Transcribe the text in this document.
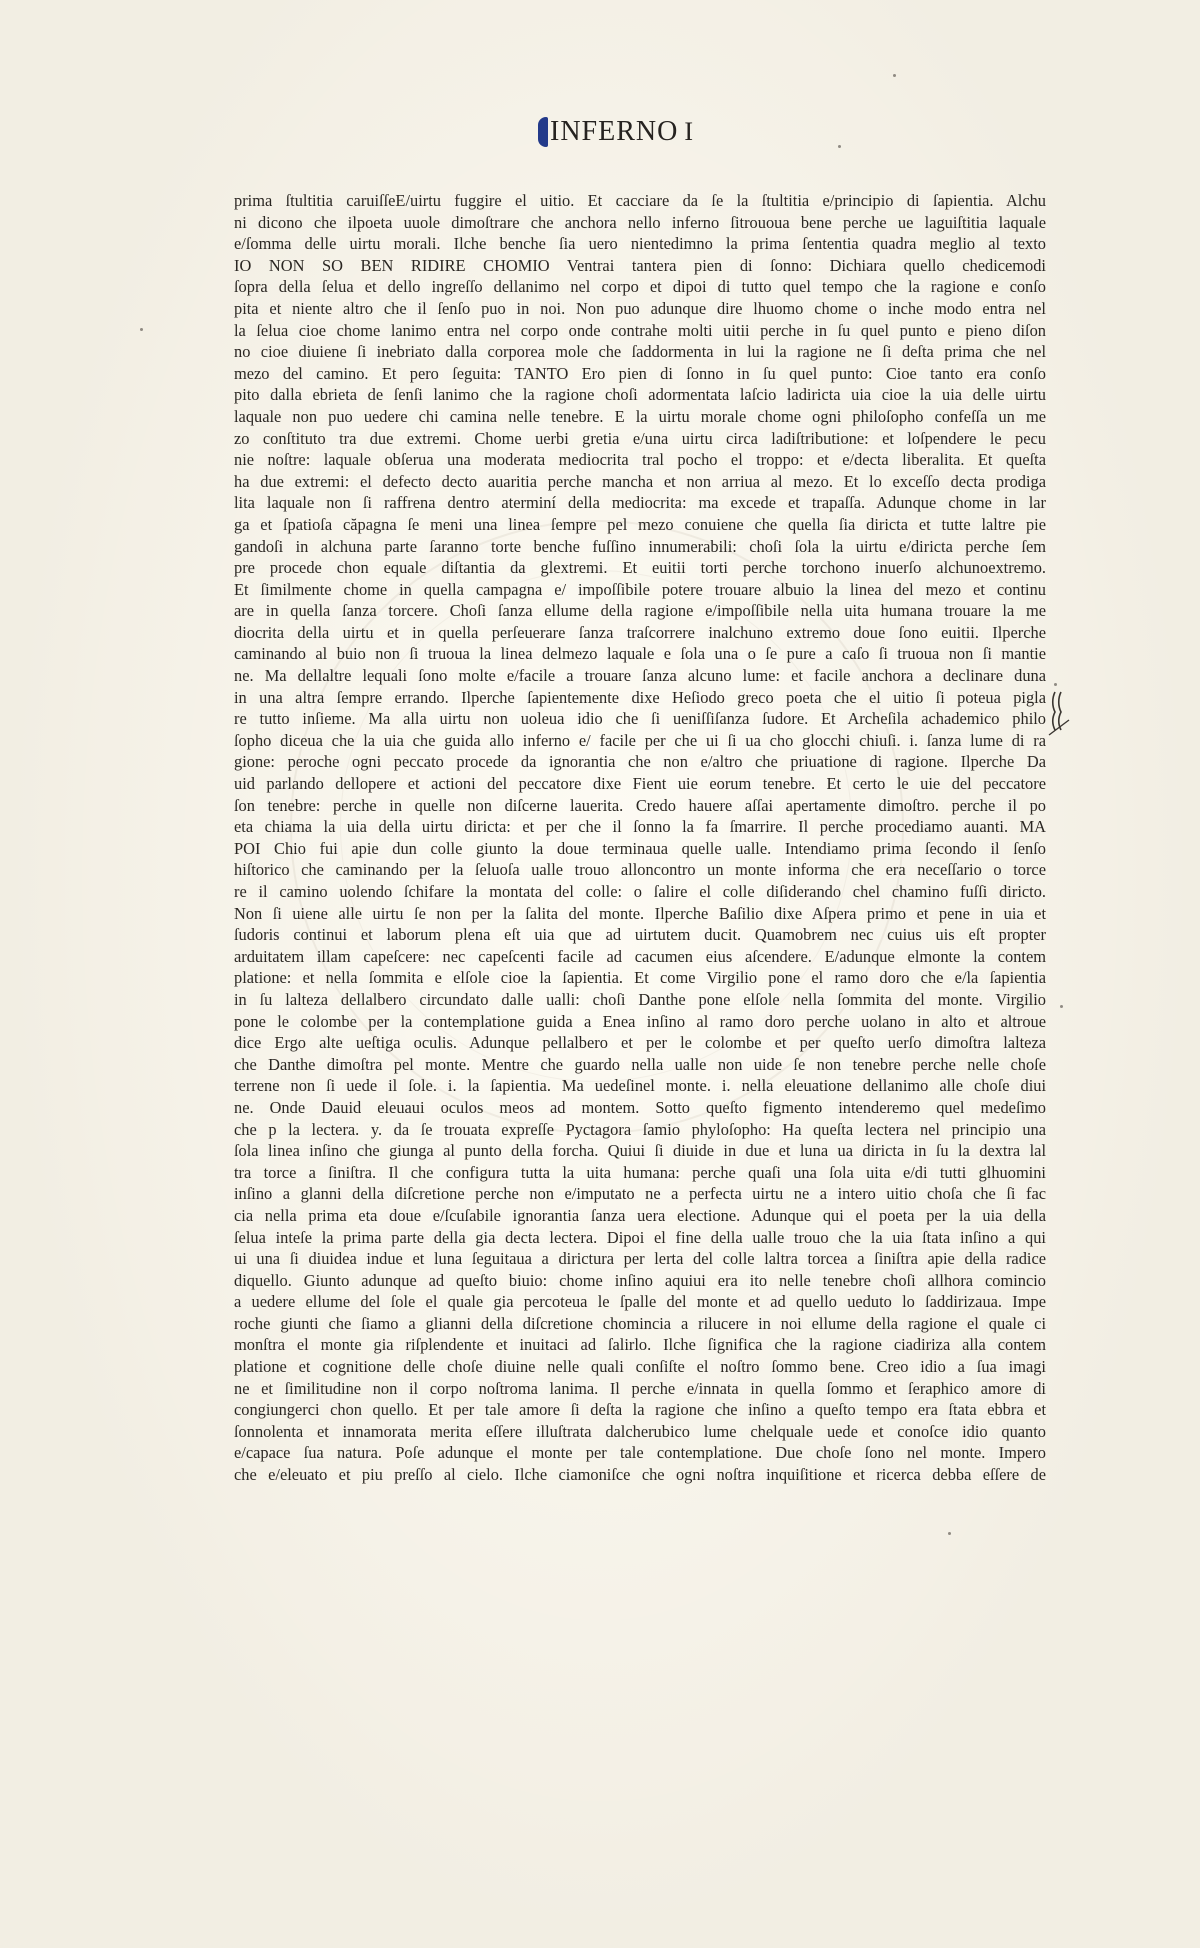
INFERNO I
prima ſtultitia caruiſſeE/uirtu fuggire el uitio. Et cacciare da ſe la ſtultitia e/principio di ſapientia. Alchu
ni dicono che ilpoeta uuole dimoſtrare che anchora nello inferno ſitrououa bene perche ue laguiſtitia laquale
e/ſomma delle uirtu morali. Ilche benche ſia uero nientedimno la prima ſententia quadra meglio al texto
IO NON SO BEN RIDIRE CHOMIO Ventrai tantera pien di ſonno: Dichiara quello chedicemodi
ſopra della ſelua et dello ingreſſo dellanimo nel corpo et dipoi di tutto quel tempo che la ragione e conſo
pita et niente altro che il ſenſo puo in noi. Non puo adunque dire lhuomo chome o inche modo entra nel
la ſelua cioe chome lanimo entra nel corpo onde contrahe molti uitii perche in ſu quel punto e pieno diſon
no cioe diuiene ſi inebriato dalla corporea mole che ſaddormenta in lui la ragione ne ſi deſta prima che nel
mezo del camino. Et pero ſeguita: TANTO Ero pien di ſonno in ſu quel punto: Cioe tanto era conſo
pito dalla ebrieta de ſenſi lanimo che la ragione choſi adormentata laſcio ladiricta uia cioe la uia delle uirtu
laquale non puo uedere chi camina nelle tenebre. E la uirtu morale chome ogni philoſopho confeſſa un me
zo conſtituto tra due extremi. Chome uerbi gretia e/una uirtu circa ladiſtributione: et loſpendere le pecu
nie noſtre: laquale obſerua una moderata mediocrita tral pocho el troppo: et e/decta liberalita. Et queſta
ha due extremi: el defecto decto auaritia perche mancha et non arriua al mezo. Et lo exceſſo decta prodiga
lita laquale non ſi raffrena dentro aterminí della mediocrita: ma excede et trapaſſa. Adunque chome in lar
ga et ſpatioſa căpagna ſe meni una linea ſempre pel mezo conuiene che quella ſia diricta et tutte laltre pie
gandoſi in alchuna parte ſaranno torte benche fuſſino innumerabili: choſi ſola la uirtu e/diricta perche ſem
pre procede chon equale diſtantia da glextremi. Et euitii torti perche torchono inuerſo alchunoextremo.
Et ſimilmente chome in quella campagna e/ impoſſibile potere trouare albuio la linea del mezo et continu
are in quella ſanza torcere. Choſi ſanza ellume della ragione e/impoſſibile nella uita humana trouare la me
diocrita della uirtu et in quella perſeuerare ſanza traſcorrere inalchuno extremo doue ſono euitii. Ilperche
caminando al buio non ſi truoua la linea delmezo laquale e ſola una o ſe pure a caſo ſi truoua non ſi mantie
ne. Ma dellaltre lequali ſono molte e/facile a trouare ſanza alcuno lume: et facile anchora a declinare duna
in una altra ſempre errando. Ilperche ſapientemente dixe Heſiodo greco poeta che el uitio ſi poteua pigla
re tutto inſieme. Ma alla uirtu non uoleua idio che ſi ueniſſiſanza ſudore. Et Archeſila achademico philo
ſopho diceua che la uia che guida allo inferno e/ facile per che ui ſi ua cho glocchi chiuſi. i. ſanza lume di ra
gione: peroche ogni peccato procede da ignorantia che non e/altro che priuatione di ragione. Ilperche Da
uid parlando dellopere et actioni del peccatore dixe Fient uie eorum tenebre. Et certo le uie del peccatore
ſon tenebre: perche in quelle non diſcerne lauerita. Credo hauere aſſai apertamente dimoſtro. perche il po
eta chiama la uia della uirtu diricta: et per che il ſonno la fa ſmarrire. Il perche procediamo auanti. MA
POI Chio fui apie dun colle giunto la doue terminaua quelle ualle. Intendiamo prima ſecondo il ſenſo
hiſtorico che caminando per la ſeluoſa ualle trouo alloncontro un monte informa che era neceſſario o torce
re il camino uolendo ſchifare la montata del colle: o ſalire el colle diſiderando chel chamino fuſſi diricto.
Non ſi uiene alle uirtu ſe non per la ſalita del monte. Ilperche Baſilio dixe Aſpera primo et pene in uia et
ſudoris continui et laborum plena eſt uia que ad uirtutem ducit. Quamobrem nec cuius uis eſt propter
arduitatem illam capeſcere: nec capeſcenti facile ad cacumen eius aſcendere. E/adunque elmonte la contem
platione: et nella ſommita e elſole cioe la ſapientia. Et come Virgilio pone el ramo doro che e/la ſapientia
in ſu lalteza dellalbero circundato dalle ualli: choſi Danthe pone elſole nella ſommita del monte. Virgilio
pone le colombe per la contemplatione guida a Enea inſino al ramo doro perche uolano in alto et altroue
dice Ergo alte ueſtiga oculis. Adunque pellalbero et per le colombe et per queſto uerſo dimoſtra lalteza
che Danthe dimoſtra pel monte. Mentre che guardo nella ualle non uide ſe non tenebre perche nelle choſe
terrene non ſi uede il ſole. i. la ſapientia. Ma uedeſinel monte. i. nella eleuatione dellanimo alle choſe diui
ne. Onde Dauid eleuaui oculos meos ad montem. Sotto queſto figmento intenderemo quel medeſimo
che p la lectera. y. da ſe trouata expreſſe Pyctagora ſamio phyloſopho: Ha queſta lectera nel principio una
ſola linea inſino che giunga al punto della forcha. Quiui ſi diuide in due et luna ua diricta in ſu la dextra lal
tra torce a ſiniſtra. Il che configura tutta la uita humana: perche quaſi una ſola uita e/di tutti glhuomini
inſino a glanni della diſcretione perche non e/imputato ne a perfecta uirtu ne a intero uitio choſa che ſi fac
cia nella prima eta doue e/ſcuſabile ignorantia ſanza uera electione. Adunque qui el poeta per la uia della
ſelua inteſe la prima parte della gia decta lectera. Dipoi el fine della ualle trouo che la uia ſtata inſino a qui
ui una ſi diuidea indue et luna ſeguitaua a dirictura per lerta del colle laltra torcea a ſiniſtra apie della radice
diquello. Giunto adunque ad queſto biuio: chome inſino aquiui era ito nelle tenebre choſi allhora comincio
a uedere ellume del ſole el quale gia percoteua le ſpalle del monte et ad quello ueduto lo ſaddirizaua. Impe
roche giunti che ſiamo a glianni della diſcretione chomincia a rilucere in noi ellume della ragione el quale ci
monſtra el monte gia riſplendente et inuitaci ad ſalirlo. Ilche ſignifica che la ragione ciadiriza alla contem
platione et cognitione delle choſe diuine nelle quali conſiſte el noſtro ſommo bene. Creo idio a ſua imagi
ne et ſimilitudine non il corpo noſtroma lanima. Il perche e/innata in quella ſommo et ſeraphico amore di
congiungerci chon quello. Et per tale amore ſi deſta la ragione che inſino a queſto tempo era ſtata ebbra et
ſonnolenta et innamorata merita eſſere illuſtrata dalcherubico lume chelquale uede et conoſce idio quanto
e/capace ſua natura. Poſe adunque el monte per tale contemplatione. Due choſe ſono nel monte. Impero
che e/eleuato et piu preſſo al cielo. Ilche ciamoniſce che ogni noſtra inquiſitione et ricerca debba eſſere de
